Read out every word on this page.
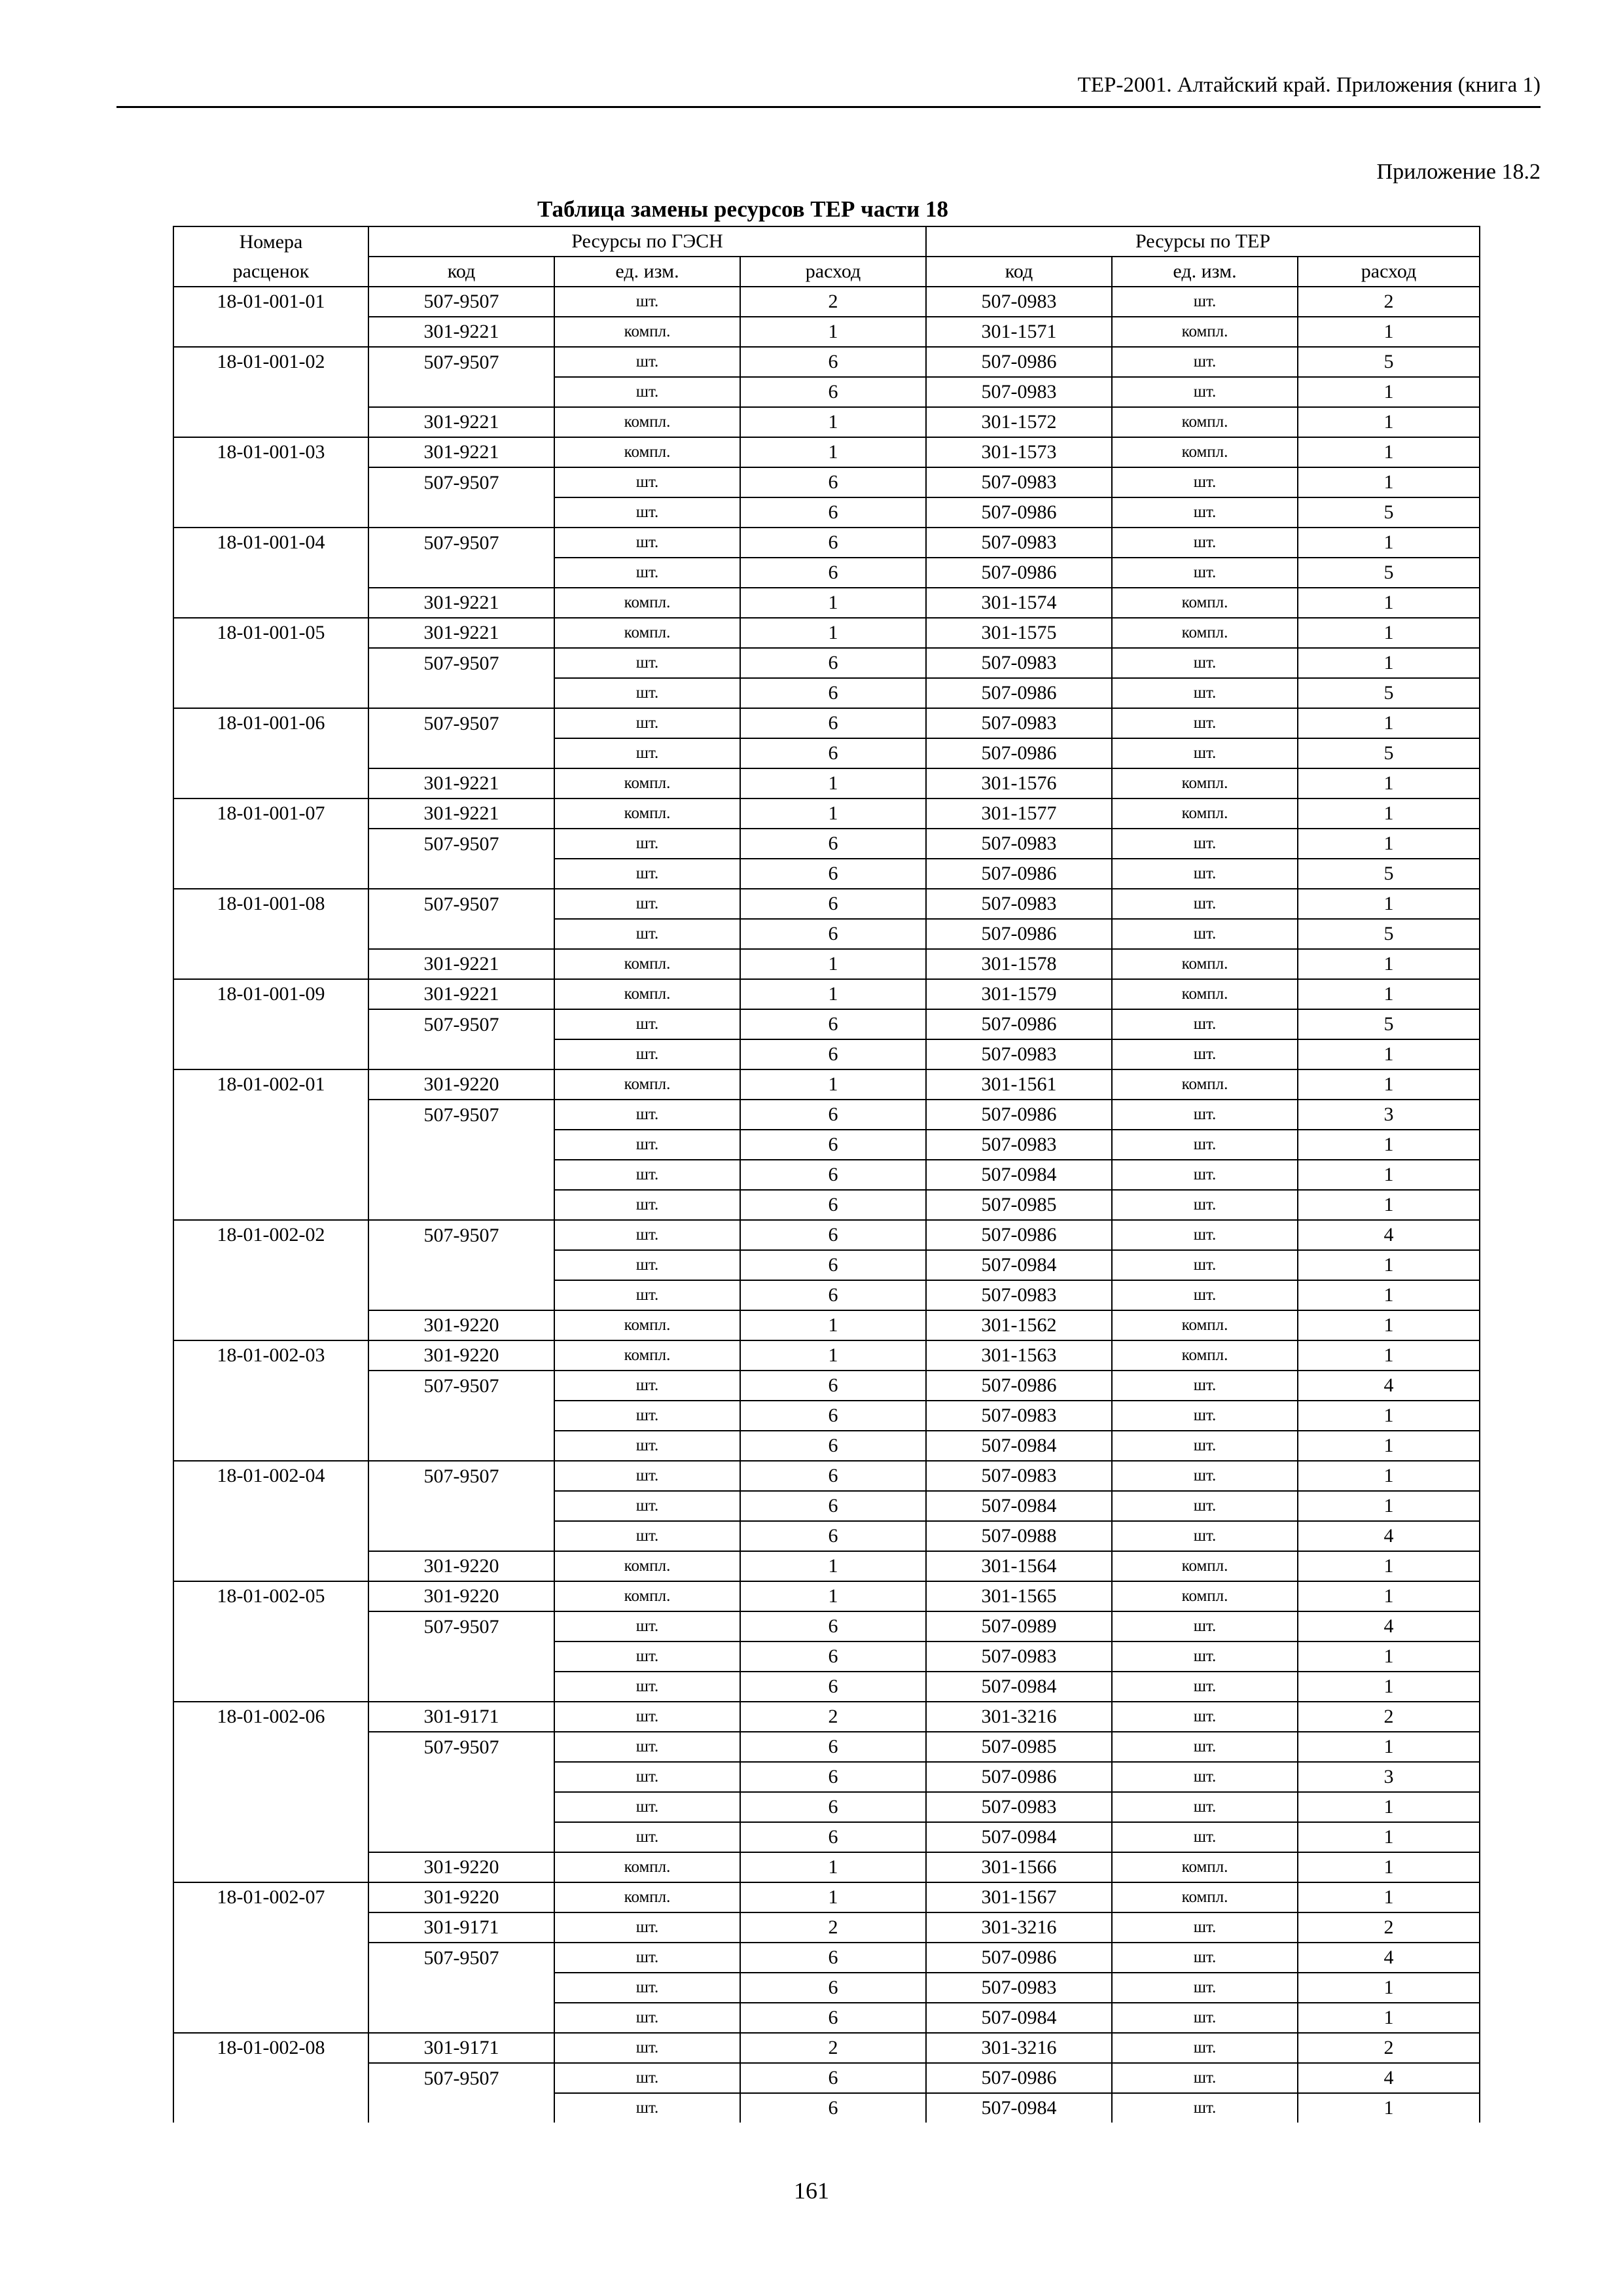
ТЕР-2001. Алтайский край. Приложения (книга 1)
Приложение 18.2
Таблица замены ресурсов ТЕР части 18
Номера	Ресурсы по ГЭСН			Ресурсы по ТЕР		
расценок	код	ед. изм.	расход	код	ед. изм.	расход
18-01-001-01	507-9507	шт.	2	507-0983	шт.	2
	301-9221	компл.	1	301-1571	компл.	1
18-01-001-02	507-9507	шт.	6	507-0986	шт.	5
		шт.	6	507-0983	шт.	1
	301-9221	компл.	1	301-1572	компл.	1
18-01-001-03	301-9221	компл.	1	301-1573	компл.	1
	507-9507	шт.	6	507-0983	шт.	1
		шт.	6	507-0986	шт.	5
18-01-001-04	507-9507	шт.	6	507-0983	шт.	1
		шт.	6	507-0986	шт.	5
	301-9221	компл.	1	301-1574	компл.	1
18-01-001-05	301-9221	компл.	1	301-1575	компл.	1
	507-9507	шт.	6	507-0983	шт.	1
		шт.	6	507-0986	шт.	5
18-01-001-06	507-9507	шт.	6	507-0983	шт.	1
		шт.	6	507-0986	шт.	5
	301-9221	компл.	1	301-1576	компл.	1
18-01-001-07	301-9221	компл.	1	301-1577	компл.	1
	507-9507	шт.	6	507-0983	шт.	1
		шт.	6	507-0986	шт.	5
18-01-001-08	507-9507	шт.	6	507-0983	шт.	1
		шт.	6	507-0986	шт.	5
	301-9221	компл.	1	301-1578	компл.	1
18-01-001-09	301-9221	компл.	1	301-1579	компл.	1
	507-9507	шт.	6	507-0986	шт.	5
		шт.	6	507-0983	шт.	1
18-01-002-01	301-9220	компл.	1	301-1561	компл.	1
	507-9507	шт.	6	507-0986	шт.	3
		шт.	6	507-0983	шт.	1
		шт.	6	507-0984	шт.	1
		шт.	6	507-0985	шт.	1
18-01-002-02	507-9507	шт.	6	507-0986	шт.	4
		шт.	6	507-0984	шт.	1
		шт.	6	507-0983	шт.	1
	301-9220	компл.	1	301-1562	компл.	1
18-01-002-03	301-9220	компл.	1	301-1563	компл.	1
	507-9507	шт.	6	507-0986	шт.	4
		шт.	6	507-0983	шт.	1
		шт.	6	507-0984	шт.	1
18-01-002-04	507-9507	шт.	6	507-0983	шт.	1
		шт.	6	507-0984	шт.	1
		шт.	6	507-0988	шт.	4
	301-9220	компл.	1	301-1564	компл.	1
18-01-002-05	301-9220	компл.	1	301-1565	компл.	1
	507-9507	шт.	6	507-0989	шт.	4
		шт.	6	507-0983	шт.	1
		шт.	6	507-0984	шт.	1
18-01-002-06	301-9171	шт.	2	301-3216	шт.	2
	507-9507	шт.	6	507-0985	шт.	1
		шт.	6	507-0986	шт.	3
		шт.	6	507-0983	шт.	1
		шт.	6	507-0984	шт.	1
	301-9220	компл.	1	301-1566	компл.	1
18-01-002-07	301-9220	компл.	1	301-1567	компл.	1
	301-9171	шт.	2	301-3216	шт.	2
	507-9507	шт.	6	507-0986	шт.	4
		шт.	6	507-0983	шт.	1
		шт.	6	507-0984	шт.	1
18-01-002-08	301-9171	шт.	2	301-3216	шт.	2
	507-9507	шт.	6	507-0986	шт.	4
		шт.	6	507-0984	шт.	1
161
